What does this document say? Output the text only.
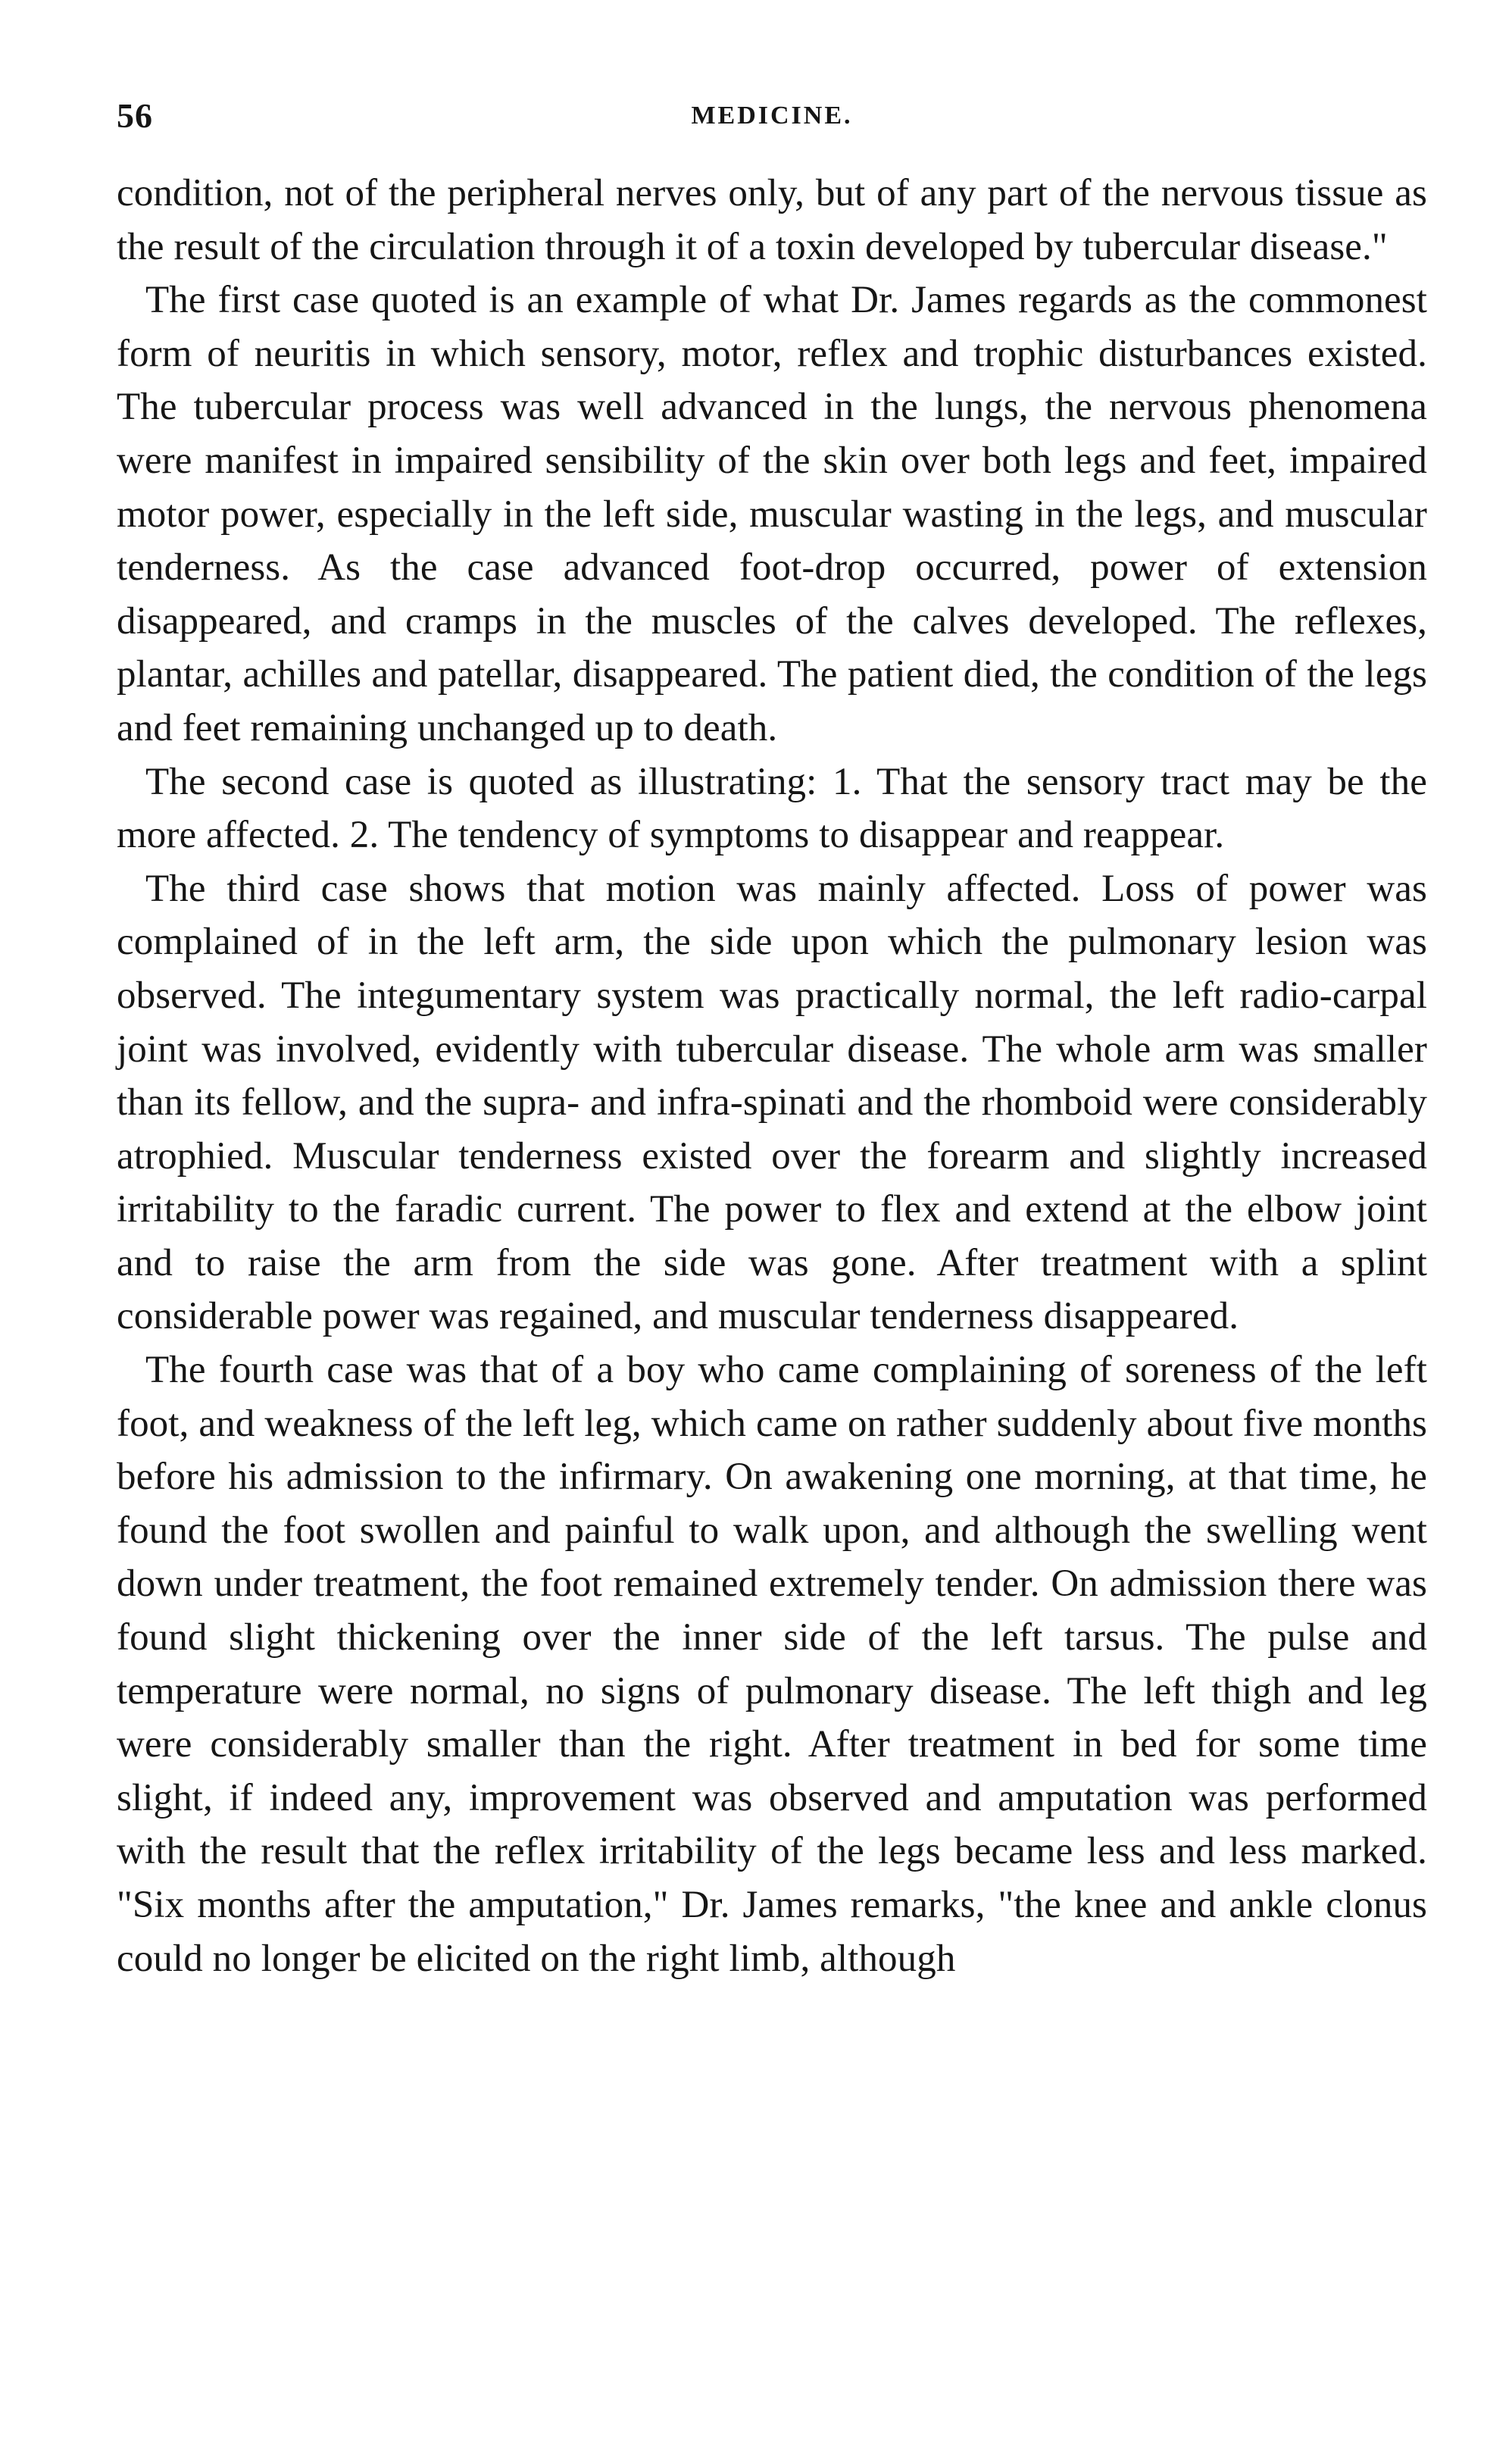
56	MEDICINE.

condition, not of the peripheral nerves only, but of any part of the nervous tissue as the result of the circulation through it of a toxin developed by tubercular disease."

The first case quoted is an example of what Dr. James regards as the commonest form of neuritis in which sensory, motor, reflex and trophic disturbances existed. The tubercular process was well advanced in the lungs, the nervous phenomena were manifest in impaired sensibility of the skin over both legs and feet, impaired motor power, especially in the left side, muscular wasting in the legs, and muscular tenderness. As the case advanced foot-drop occurred, power of extension disappeared, and cramps in the muscles of the calves developed. The reflexes, plantar, achilles and patellar, disappeared. The patient died, the condition of the legs and feet remaining unchanged up to death.

The second case is quoted as illustrating: 1. That the sensory tract may be the more affected. 2. The tendency of symptoms to disappear and reappear.

The third case shows that motion was mainly affected. Loss of power was complained of in the left arm, the side upon which the pulmonary lesion was observed. The integumentary system was practically normal, the left radio-carpal joint was involved, evidently with tubercular disease. The whole arm was smaller than its fellow, and the supra- and infra-spinati and the rhomboid were considerably atrophied. Muscular tenderness existed over the forearm and slightly increased irritability to the faradic current. The power to flex and extend at the elbow joint and to raise the arm from the side was gone. After treatment with a splint considerable power was regained, and muscular tenderness disappeared.

The fourth case was that of a boy who came complaining of soreness of the left foot, and weakness of the left leg, which came on rather suddenly about five months before his admission to the infirmary. On awakening one morning, at that time, he found the foot swollen and painful to walk upon, and although the swelling went down under treatment, the foot remained extremely tender. On admission there was found slight thickening over the inner side of the left tarsus. The pulse and temperature were normal, no signs of pulmonary disease. The left thigh and leg were considerably smaller than the right. After treatment in bed for some time slight, if indeed any, improvement was observed and amputation was performed with the result that the reflex irritability of the legs became less and less marked. "Six months after the amputation," Dr. James remarks, "the knee and ankle clonus could no longer be elicited on the right limb, although
